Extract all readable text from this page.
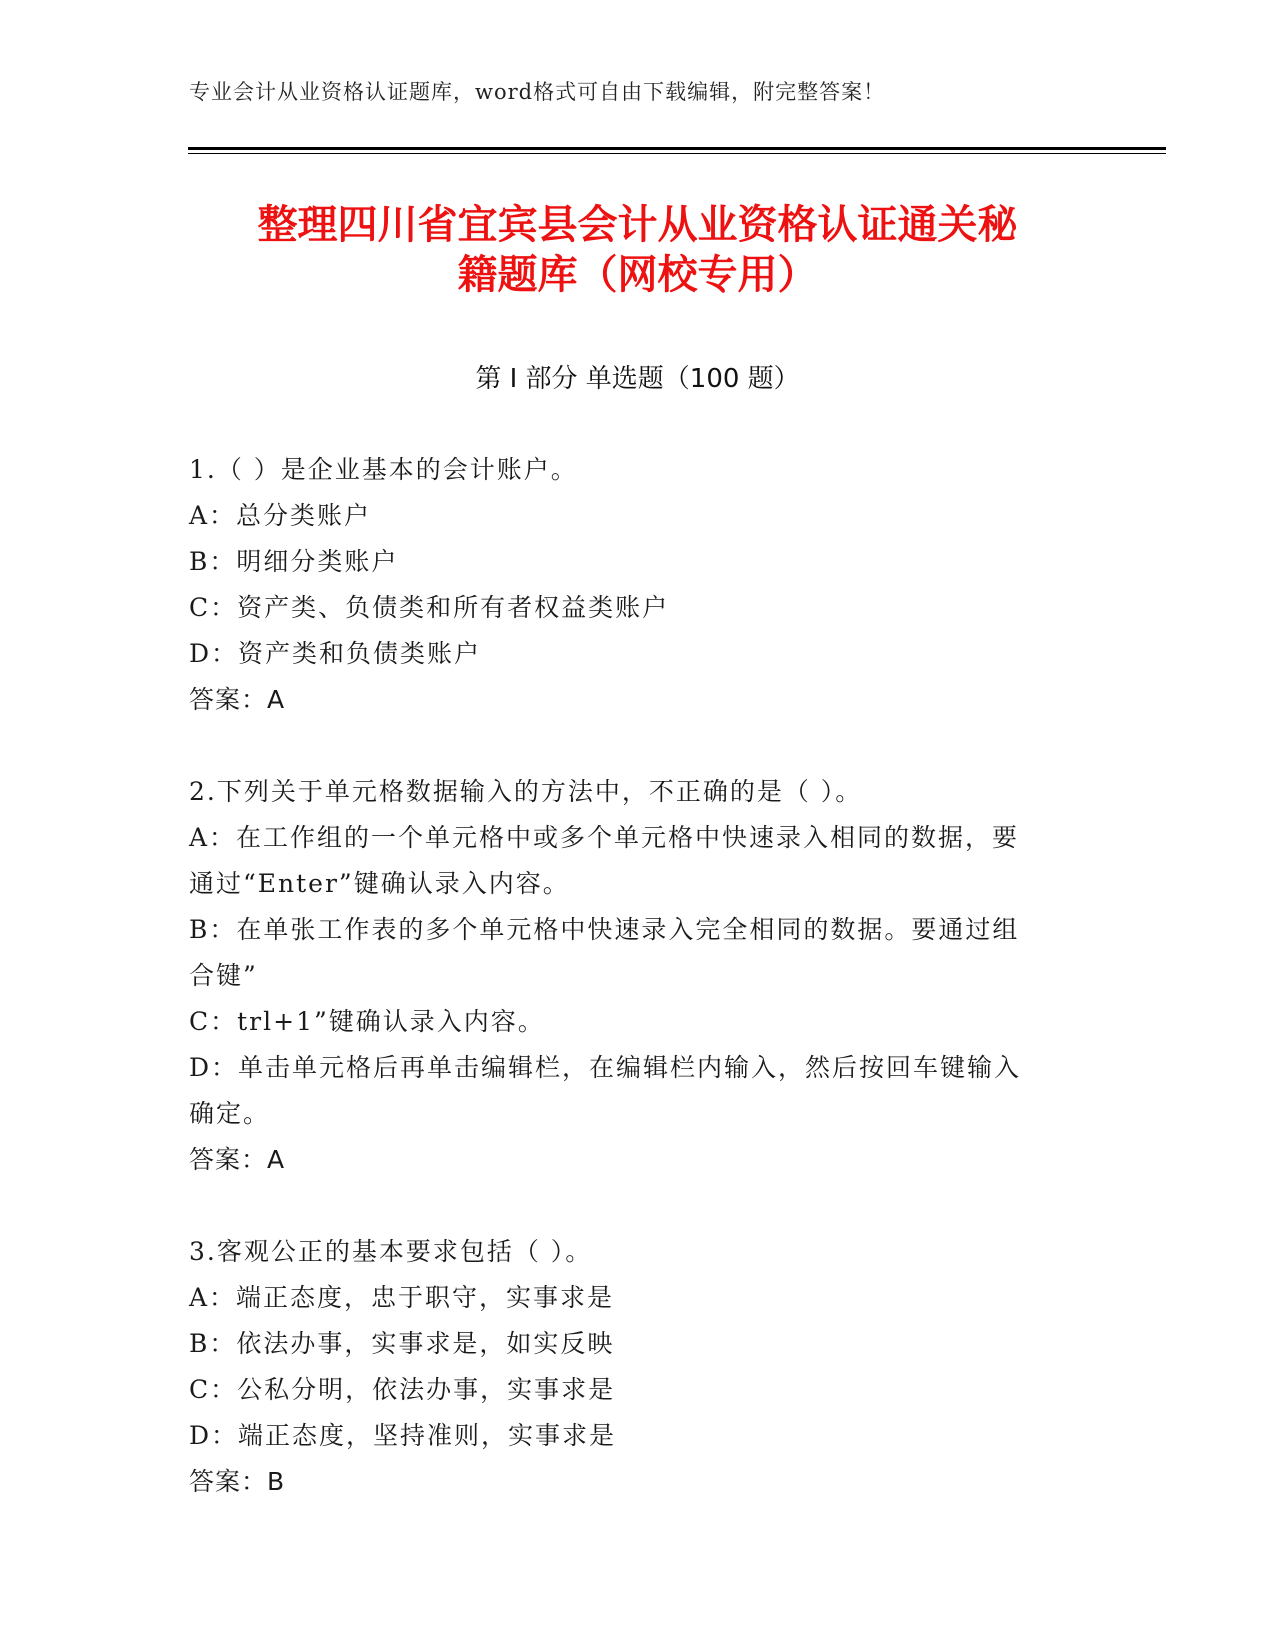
专业会计从业资格认证题库，word格式可自由下载编辑，附完整答案！
整理四川省宜宾县会计从业资格认证通关秘
籍题库（网校专用）
第 I 部分 单选题（100 题）
1.（ ）是企业基本的会计账户。
A：总分类账户
B：明细分类账户
C：资产类、负债类和所有者权益类账户
D：资产类和负债类账户
答案：A
2.下列关于单元格数据输入的方法中，不正确的是（ ）。
A：在工作组的一个单元格中或多个单元格中快速录入相同的数据，要
通过“Enter”键确认录入内容。
B：在单张工作表的多个单元格中快速录入完全相同的数据。要通过组
合键”
C：trl+1”键确认录入内容。
D：单击单元格后再单击编辑栏，在编辑栏内输入，然后按回车键输入
确定。
答案：A
3.客观公正的基本要求包括（ ）。
A：端正态度，忠于职守，实事求是
B：依法办事，实事求是，如实反映
C：公私分明，依法办事，实事求是
D：端正态度，坚持准则，实事求是
答案：B
